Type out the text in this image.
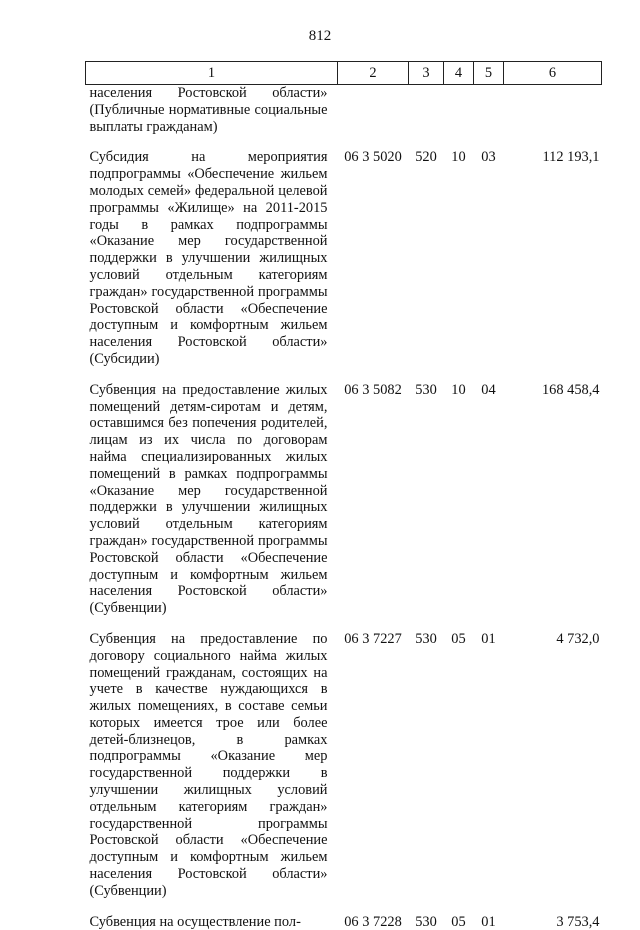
812
1	2	3	4	5	6
населения Ростовской области» (Публичные нормативные социальные выплаты гражданам)					

Субсидия на мероприятия подпрограммы «Обеспечение жильем молодых семей» федеральной целевой программы «Жилище» на 2011-2015 годы в рамках подпрограммы «Оказание мер государственной поддержки в улучшении жилищных условий отдельным категориям граждан» государственной программы Ростовской области «Обеспечение доступным и комфортным жильем населения Ростовской области» (Субсидии)	06 3 5020	520	10	03	112 193,1

Субвенция на предоставление жилых помещений детям-сиротам и детям, оставшимся без попечения родителей, лицам из их числа по договорам найма специализированных жилых помещений в рамках подпрограммы «Оказание мер государственной поддержки в улучшении жилищных условий отдельным категориям граждан» государственной программы Ростовской области «Обеспечение доступным и комфортным жильем населения Ростовской области» (Субвенции)	06 3 5082	530	10	04	168 458,4

Субвенция на предоставление по договору социального найма жилых помещений гражданам, состоящих на учете в качестве нуждающихся в жилых помещениях, в составе семьи которых имеется трое или более детей-близнецов, в рамках подпрограммы «Оказание мер государственной поддержки в улучшении жилищных условий отдельным категориям граждан» государственной программы Ростовской области «Обеспечение доступным и комфортным жильем населения Ростовской области» (Субвенции)	06 3 7227	530	05	01	4 732,0

Субвенция на осуществление пол-	06 3 7228	530	05	01	3 753,4
